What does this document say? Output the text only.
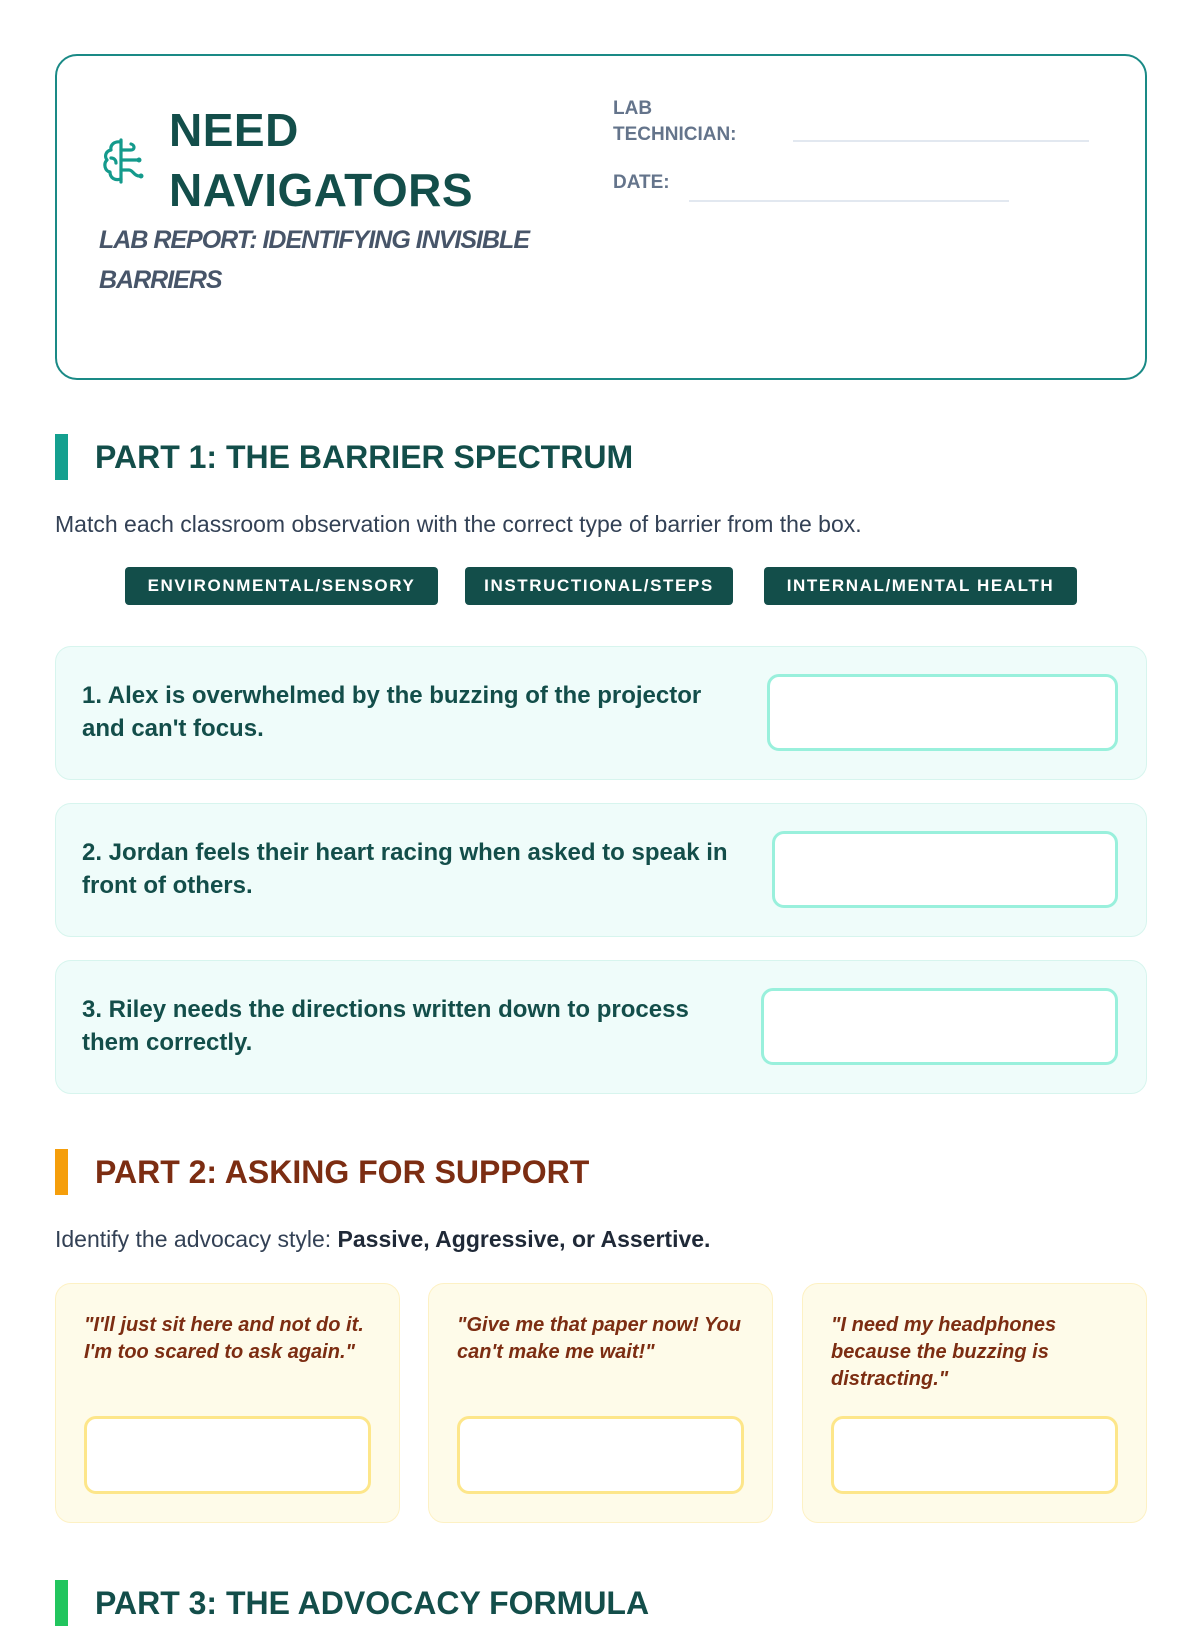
NEED NAVIGATORS
LAB REPORT: IDENTIFYING INVISIBLE BARRIERS
LAB TECHNICIAN:
DATE:
PART 1: THE BARRIER SPECTRUM
Match each classroom observation with the correct type of barrier from the box.
ENVIRONMENTAL/SENSORY	INSTRUCTIONAL/STEPS	INTERNAL/MENTAL HEALTH
1. Alex is overwhelmed by the buzzing of the projector and can't focus.
2. Jordan feels their heart racing when asked to speak in front of others.
3. Riley needs the directions written down to process them correctly.
PART 2: ASKING FOR SUPPORT
Identify the advocacy style: Passive, Aggressive, or Assertive.
"I'll just sit here and not do it. I'm too scared to ask again."
"Give me that paper now! You can't make me wait!"
"I need my headphones because the buzzing is distracting."
PART 3: THE ADVOCACY FORMULA
